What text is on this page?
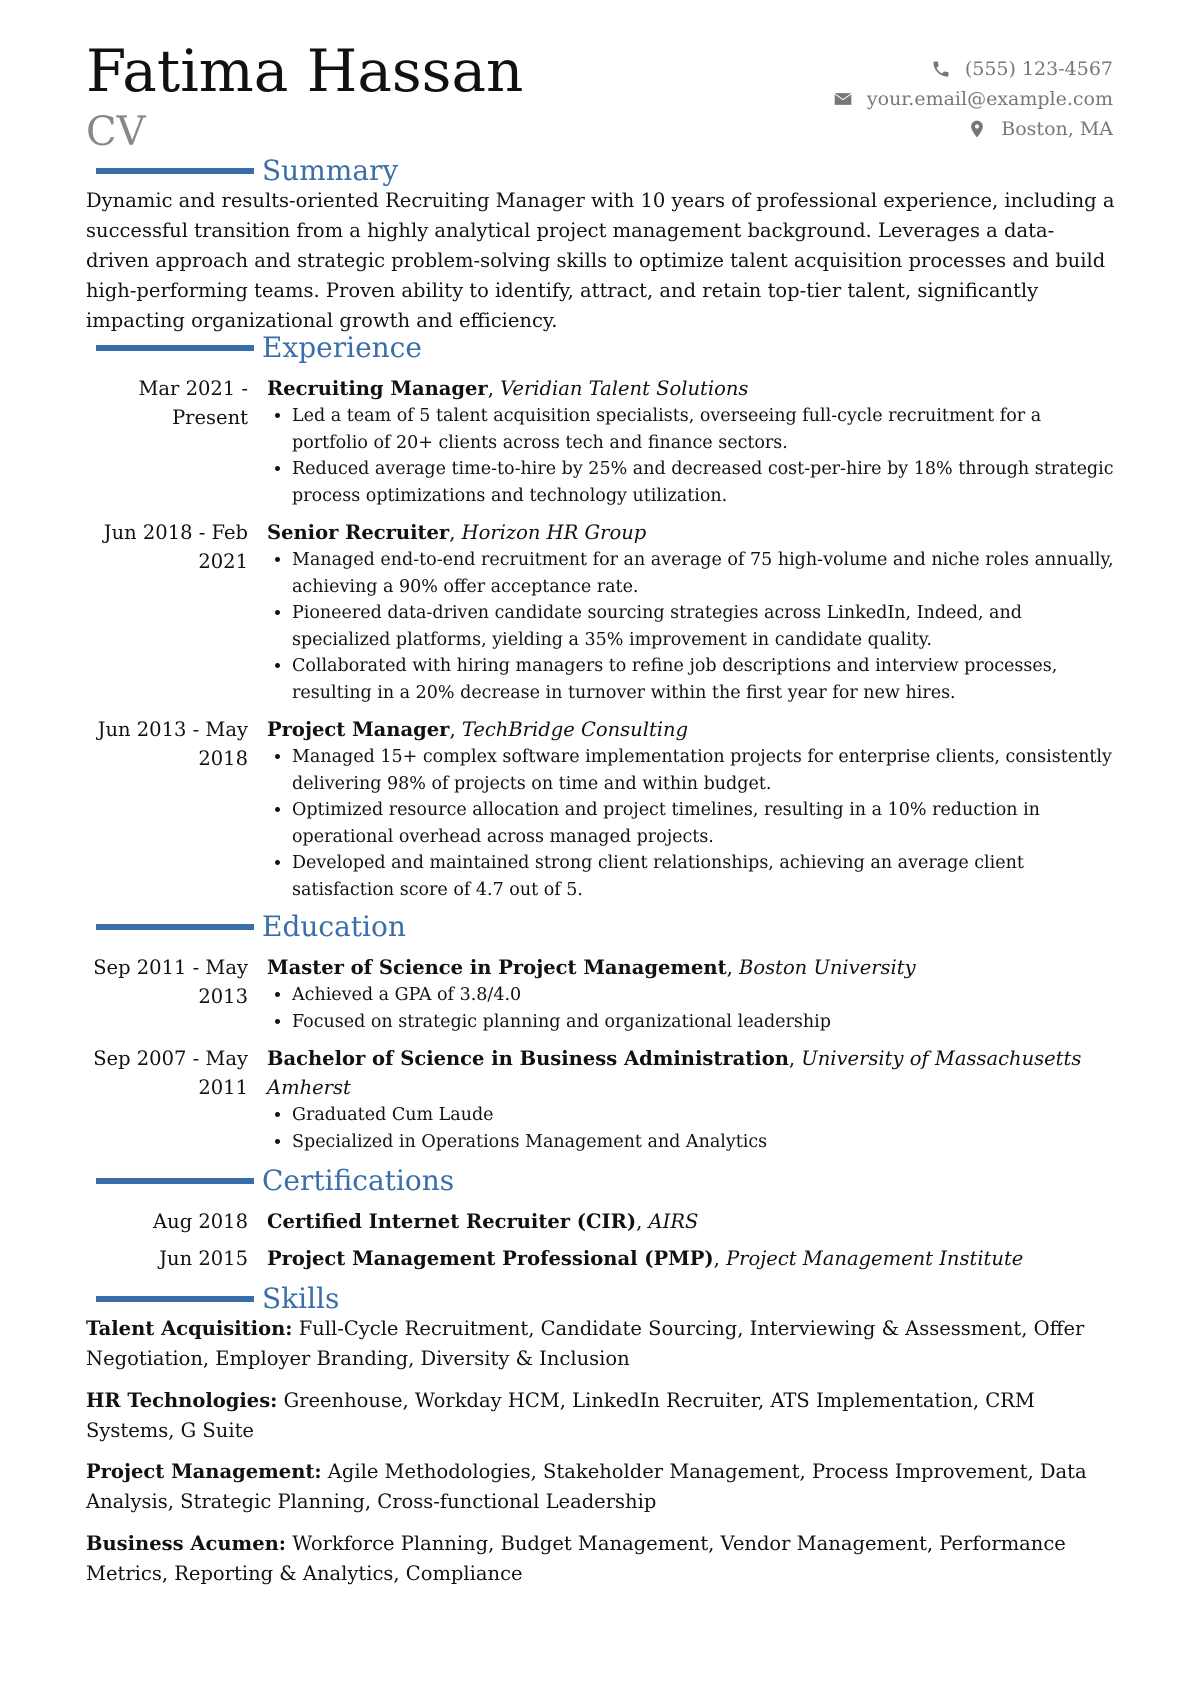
Fatima Hassan
CV
(555) 123-4567
your.email@example.com
Boston, MA
Summary

Dynamic and results-oriented Recruiting Manager with 10 years of professional experience, including a successful transition from a highly analytical project management background. Leverages a data-driven approach and strategic problem-solving skills to optimize talent acquisition processes and build high-performing teams. Proven ability to identify, attract, and retain top-tier talent, significantly impacting organizational growth and efficiency.

Experience
Mar 2021 - Present
Recruiting Manager, Veridian Talent Solutions
• Led a team of 5 talent acquisition specialists, overseeing full-cycle recruitment for a portfolio of 20+ clients across tech and finance sectors.
• Reduced average time-to-hire by 25% and decreased cost-per-hire by 18% through strategic process optimizations and technology utilization.
Jun 2018 - Feb 2021
Senior Recruiter, Horizon HR Group
• Managed end-to-end recruitment for an average of 75 high-volume and niche roles annually, achieving a 90% offer acceptance rate.
• Pioneered data-driven candidate sourcing strategies across LinkedIn, Indeed, and specialized platforms, yielding a 35% improvement in candidate quality.
• Collaborated with hiring managers to refine job descriptions and interview processes, resulting in a 20% decrease in turnover within the first year for new hires.
Jun 2013 - May 2018
Project Manager, TechBridge Consulting
• Managed 15+ complex software implementation projects for enterprise clients, consistently delivering 98% of projects on time and within budget.
• Optimized resource allocation and project timelines, resulting in a 10% reduction in operational overhead across managed projects.
• Developed and maintained strong client relationships, achieving an average client satisfaction score of 4.7 out of 5.
Education
Sep 2011 - May 2013
Master of Science in Project Management, Boston University
• Achieved a GPA of 3.8/4.0
• Focused on strategic planning and organizational leadership
Sep 2007 - May 2011
Bachelor of Science in Business Administration, University of Massachusetts Amherst
• Graduated Cum Laude
• Specialized in Operations Management and Analytics
Certifications
Aug 2018 Certified Internet Recruiter (CIR), AIRS
Jun 2015 Project Management Professional (PMP), Project Management Institute
Skills

Talent Acquisition: Full-Cycle Recruitment, Candidate Sourcing, Interviewing & Assessment, Offer Negotiation, Employer Branding, Diversity & Inclusion

HR Technologies: Greenhouse, Workday HCM, LinkedIn Recruiter, ATS Implementation, CRM Systems, G Suite

Project Management: Agile Methodologies, Stakeholder Management, Process Improvement, Data Analysis, Strategic Planning, Cross-functional Leadership

Business Acumen: Workforce Planning, Budget Management, Vendor Management, Performance Metrics, Reporting & Analytics, Compliance
